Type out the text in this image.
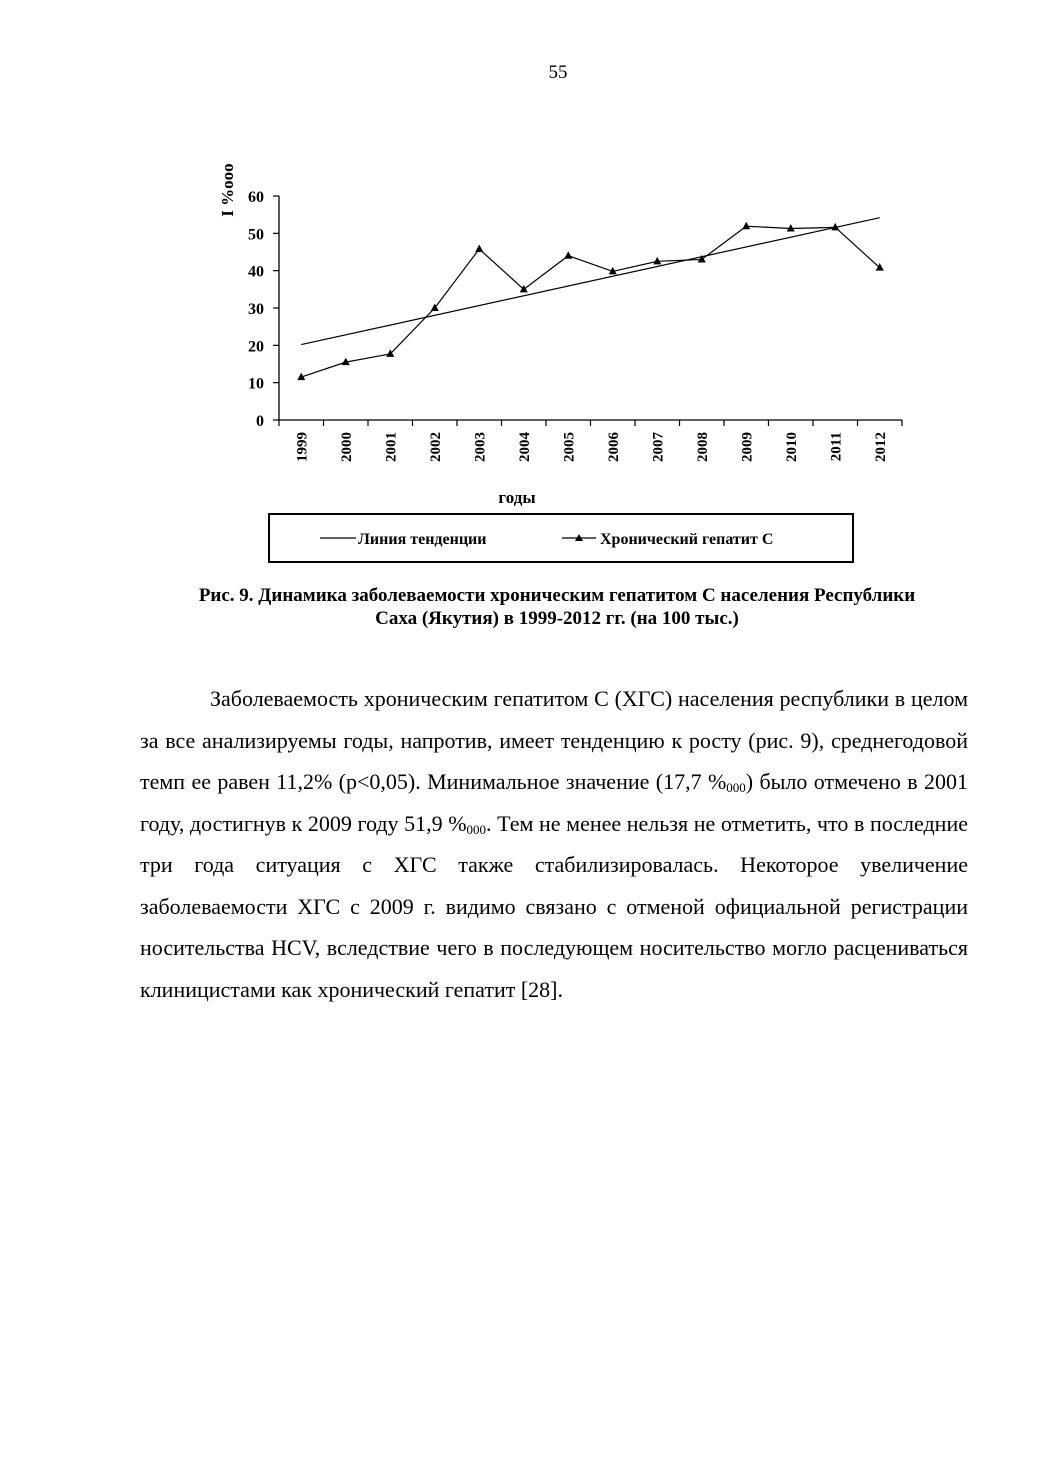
55
0
10
20
30
40
50
60
1999 2000 2001 2002 2003 2004 2005 2006 2007 2008 2009 2010 2011 2012
I %ooo
годы
Линия тенденции	Хронический гепатит С
Рис. 9. Динамика заболеваемости хроническим гепатитом С населения Республики
Саха (Якутия) в 1999-2012 гг. (на 100 тыс.)

Заболеваемость хроническим гепатитом С (ХГС) населения республики в целом за все анализируемы годы, напротив, имеет тенденцию к росту (рис. 9), среднегодовой темп ее равен 11,2% (р<0,05). Минимальное значение (17,7 $\%_{000}$) было отмечено в 2001 году, достигнув к 2009 году 51,9 $\%_{000}$. Тем не менее нельзя не отметить, что в последние три года ситуация с ХГС также стабилизировалась. Некоторое увеличение заболеваемости ХГС с 2009 г. видимо связано с отменой официальной регистрации носительства HCV, вследствие чего в последующем носительство могло расцениваться клиницистами как хронический гепатит [28].
